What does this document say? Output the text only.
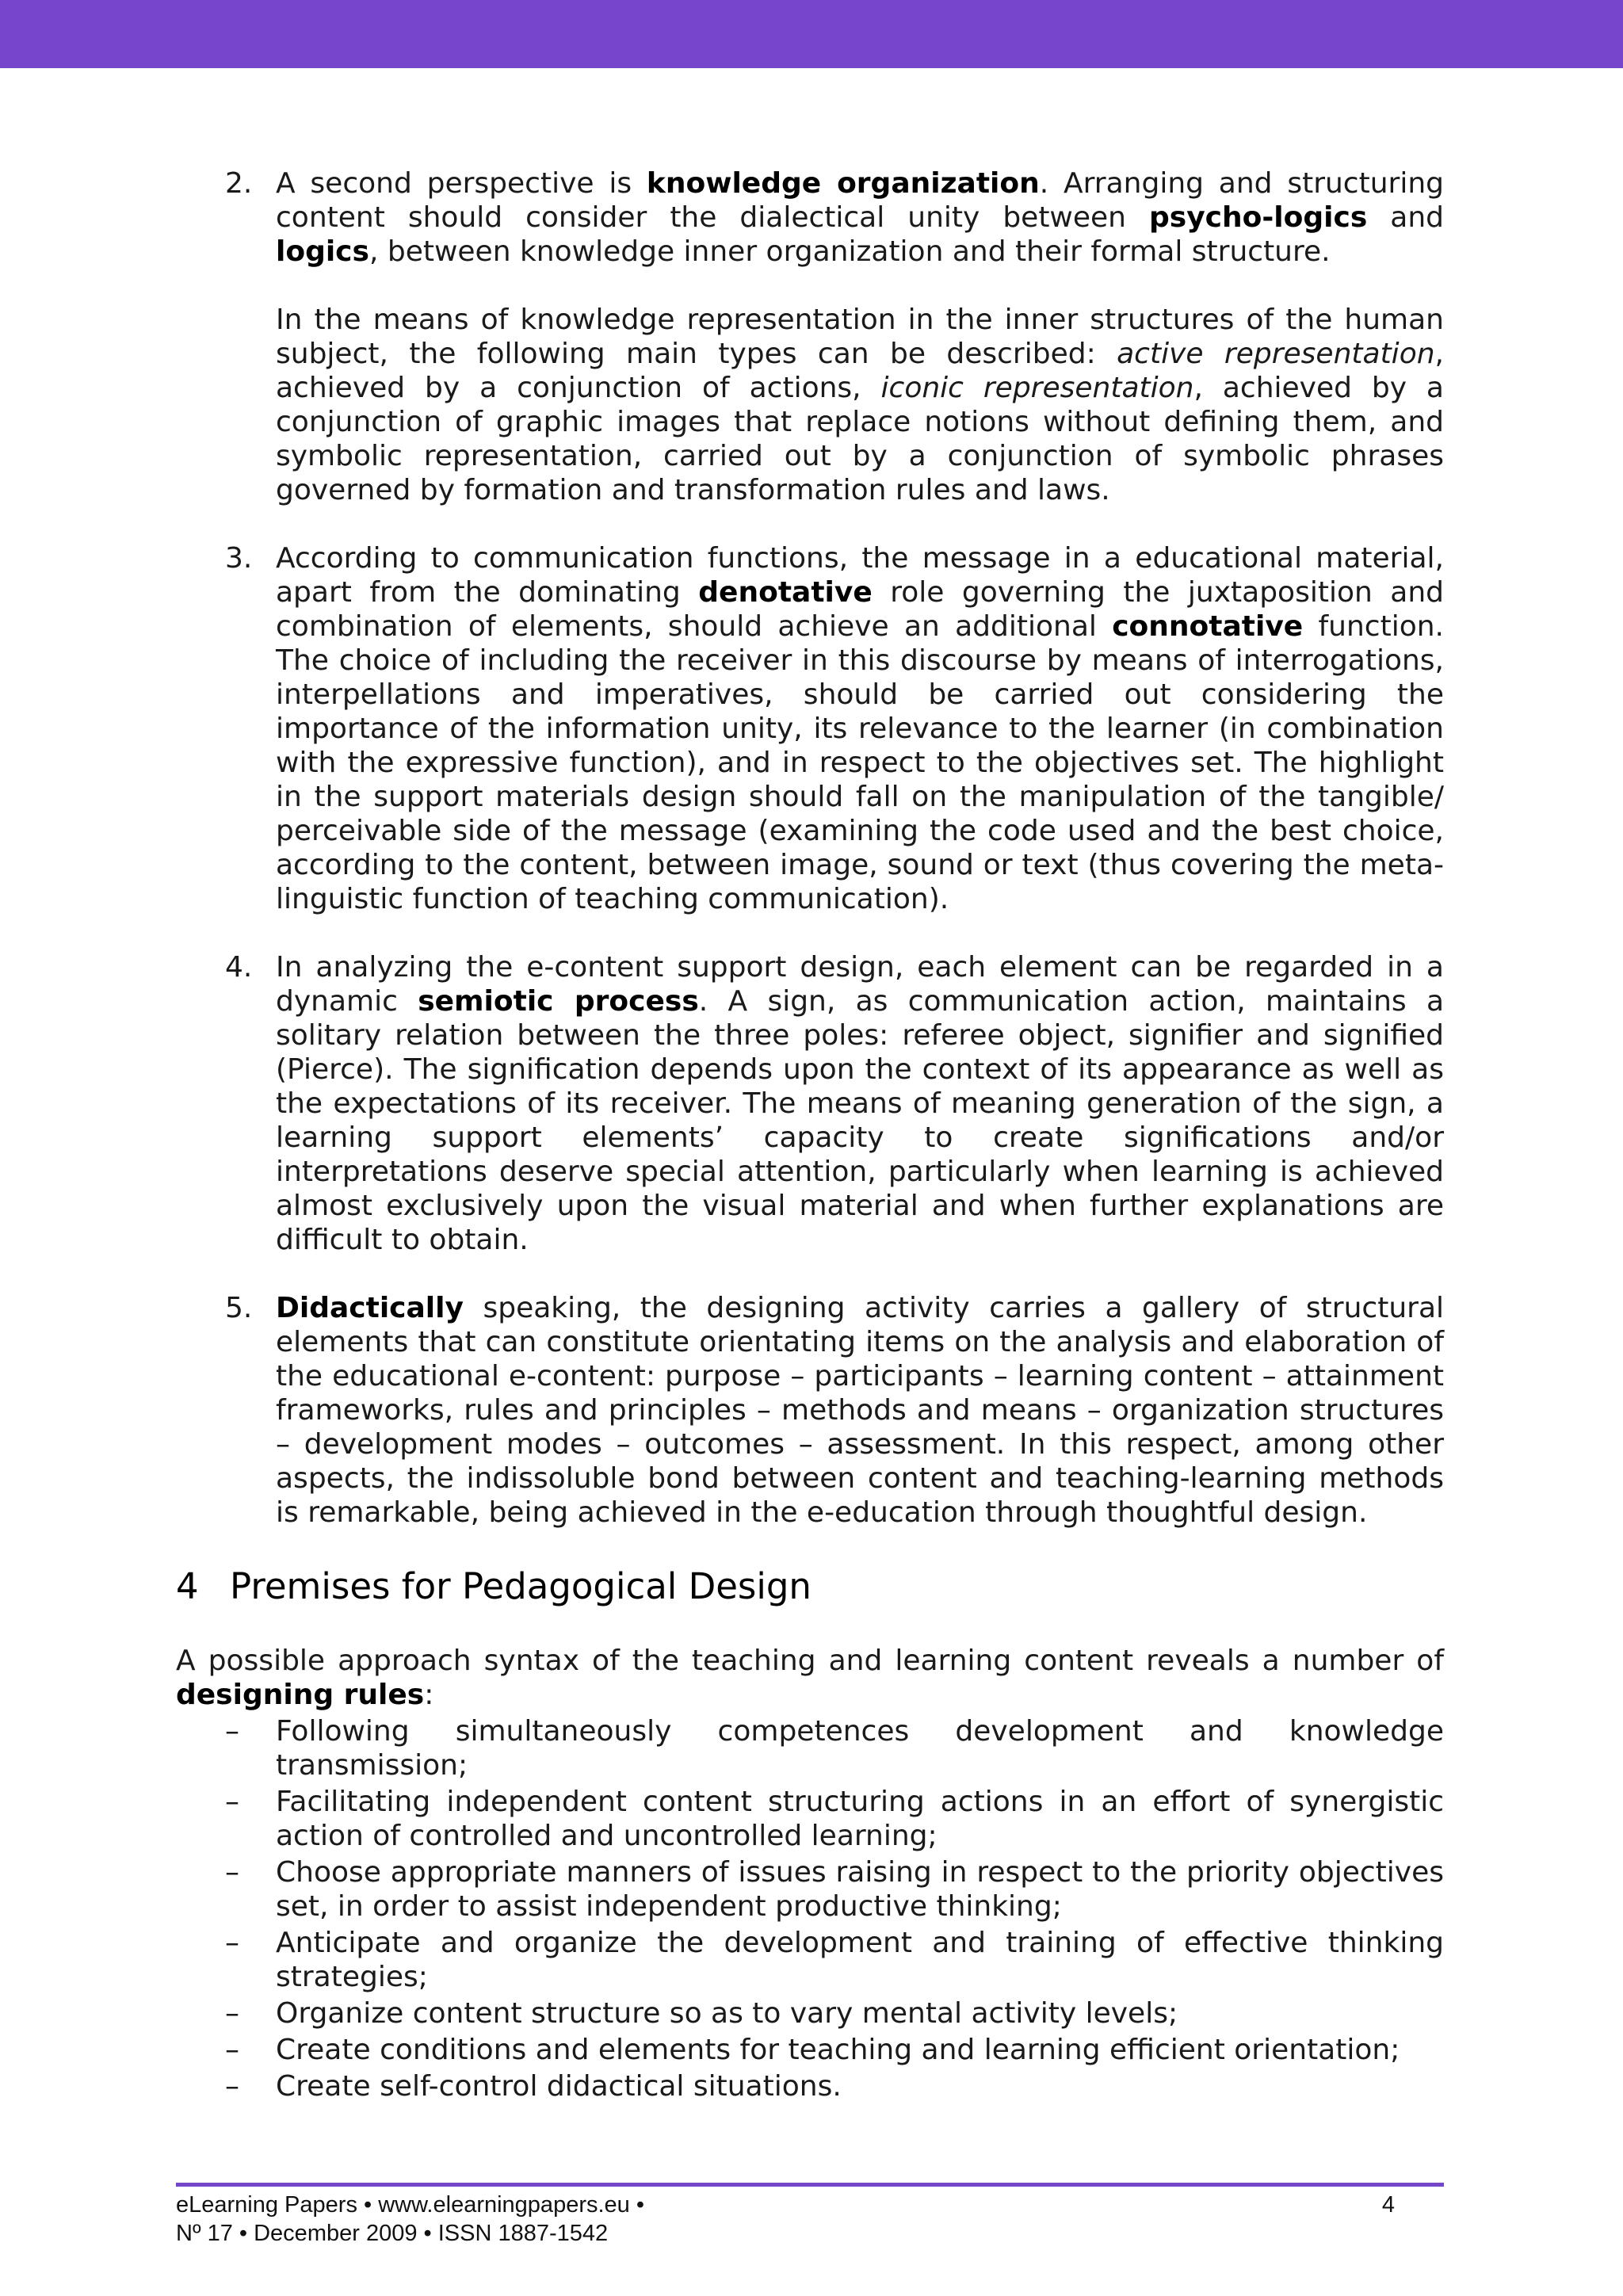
2. A second perspective is knowledge organization. Arranging and structuring content should consider the dialectical unity between psycho-logics and logics, between knowledge inner organization and their formal structure.

In the means of knowledge representation in the inner structures of the human subject, the following main types can be described: active representation, achieved by a conjunction of actions, iconic representation, achieved by a conjunction of graphic images that replace notions without defining them, and symbolic representation, carried out by a conjunction of symbolic phrases governed by formation and transformation rules and laws.

3. According to communication functions, the message in a educational material, apart from the dominating denotative role governing the juxtaposition and combination of elements, should achieve an additional connotative function. The choice of including the receiver in this discourse by means of interrogations, interpellations and imperatives, should be carried out considering the importance of the information unity, its relevance to the learner (in combination with the expressive function), and in respect to the objectives set. The highlight in the support materials design should fall on the manipulation of the tangible/ perceivable side of the message (examining the code used and the best choice, according to the content, between image, sound or text (thus covering the meta-linguistic function of teaching communication).

4. In analyzing the e-content support design, each element can be regarded in a dynamic semiotic process. A sign, as communication action, maintains a solitary relation between the three poles: referee object, signifier and signified (Pierce). The signification depends upon the context of its appearance as well as the expectations of its receiver. The means of meaning generation of the sign, a learning support elements’ capacity to create significations and/or interpretations deserve special attention, particularly when learning is achieved almost exclusively upon the visual material and when further explanations are difficult to obtain.

5. Didactically speaking, the designing activity carries a gallery of structural elements that can constitute orientating items on the analysis and elaboration of the educational e-content: purpose – participants – learning content – attainment frameworks, rules and principles – methods and means – organization structures – development modes – outcomes – assessment. In this respect, among other aspects, the indissoluble bond between content and teaching-learning methods is remarkable, being achieved in the e-education through thoughtful design.

4 Premises for Pedagogical Design

A possible approach syntax of the teaching and learning content reveals a number of designing rules:

– Following simultaneously competences development and knowledge transmission;
– Facilitating independent content structuring actions in an effort of synergistic action of controlled and uncontrolled learning;
– Choose appropriate manners of issues raising in respect to the priority objectives set, in order to assist independent productive thinking;
– Anticipate and organize the development and training of effective thinking strategies;
– Organize content structure so as to vary mental activity levels;
– Create conditions and elements for teaching and learning efficient orientation;
– Create self-control didactical situations.
eLearning Papers • www.elearningpapers.eu •
Nº 17 • December 2009 • ISSN 1887-1542
4
